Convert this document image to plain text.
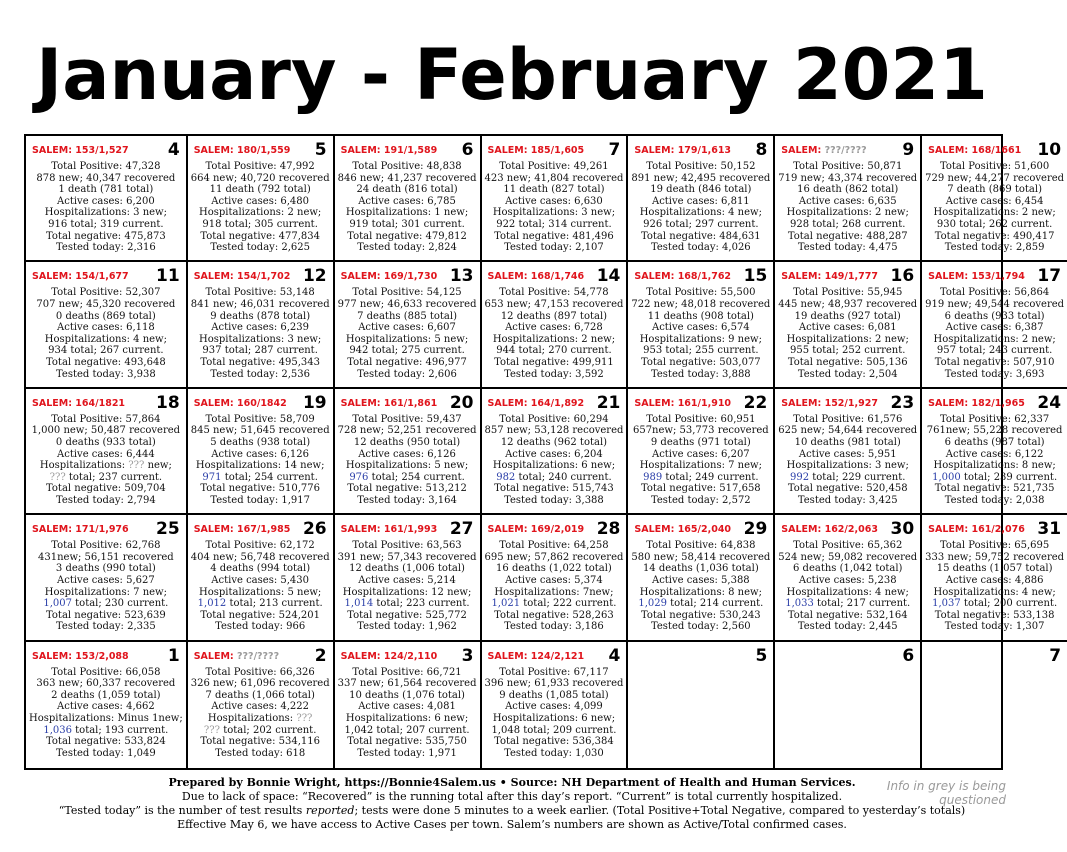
January - February 2021
SALEM: 153/1,527 4
Total Positive: 47,328
878 new; 40,347 recovered
1 death (781 total)
Active cases: 6,200
Hospitalizations: 3 new;
916 total; 319 current.
Total negative: 475,873
Tested today: 2,316
SALEM: 180/1,559 5
Total Positive: 47,992
664 new; 40,720 recovered
11 death (792 total)
Active cases: 6,480
Hospitalizations: 2 new;
918 total; 305 current.
Total negative: 477,834
Tested today: 2,625
SALEM: 191/1,589 6
Total Positive: 48,838
846 new; 41,237 recovered
24 death (816 total)
Active cases: 6,785
Hospitalizations: 1 new;
919 total; 301 current.
Total negative: 479,812
Tested today: 2,824
SALEM: 185/1,605 7
Total Positive: 49,261
423 new; 41,804 recovered
11 death (827 total)
Active cases: 6,630
Hospitalizations: 3 new;
922 total; 314 current.
Total negative: 481,496
Tested today: 2,107
SALEM: 179/1,613 8
Total Positive: 50,152
891 new; 42,495 recovered
19 death (846 total)
Active cases: 6,811
Hospitalizations: 4 new;
926 total; 297 current.
Total negative: 484,631
Tested today: 4,026
SALEM: ???/???? 9
Total Positive: 50,871
719 new; 43,374 recovered
16 death (862 total)
Active cases: 6,635
Hospitalizations: 2 new;
928 total; 268 current.
Total negative: 488,287
Tested today: 4,475
SALEM: 168/1661 10
Total Positive: 51,600
729 new; 44,277 recovered
7 death (869 total)
Active cases: 6,454
Hospitalizations: 2 new;
930 total; 262 current.
Total negative: 490,417
Tested today: 2,859
SALEM: 154/1,677 11
Total Positive: 52,307
707 new; 45,320 recovered
0 deaths (869 total)
Active cases: 6,118
Hospitalizations: 4 new;
934 total; 267 current.
Total negative: 493,648
Tested today: 3,938
SALEM: 154/1,702 12
Total Positive: 53,148
841 new; 46,031 recovered
9 deaths (878 total)
Active cases: 6,239
Hospitalizations: 3 new;
937 total; 287 current.
Total negative: 495,343
Tested today: 2,536
SALEM: 169/1,730 13
Total Positive: 54,125
977 new; 46,633 recovered
7 deaths (885 total)
Active cases: 6,607
Hospitalizations: 5 new;
942 total; 275 current.
Total negative: 496,977
Tested today: 2,606
SALEM: 168/1,746 14
Total Positive: 54,778
653 new; 47,153 recovered
12 deaths (897 total)
Active cases: 6,728
Hospitalizations: 2 new;
944 total; 270 current.
Total negative: 499,911
Tested today: 3,592
SALEM: 168/1,762 15
Total Positive: 55,500
722 new; 48,018 recovered
11 deaths (908 total)
Active cases: 6,574
Hospitalizations: 9 new;
953 total; 255 current.
Total negative: 503,077
Tested today: 3,888
SALEM: 149/1,777 16
Total Positive: 55,945
445 new; 48,937 recovered
19 deaths (927 total)
Active cases: 6,081
Hospitalizations: 2 new;
955 total; 252 current.
Total negative: 505,136
Tested today: 2,504
SALEM: 153/1,794 17
Total Positive: 56,864
919 new; 49,544 recovered
6 deaths (933 total)
Active cases: 6,387
Hospitalizations: 2 new;
957 total; 243 current.
Total negative: 507,910
Tested today: 3,693
SALEM: 164/1821 18
Total Positive: 57,864
1,000 new; 50,487 recovered
0 deaths (933 total)
Active cases: 6,444
Hospitalizations: ??? new;
??? total; 237 current.
Total negative: 509,704
Tested today: 2,794
SALEM: 160/1842 19
Total Positive: 58,709
845 new; 51,645 recovered
5 deaths (938 total)
Active cases: 6,126
Hospitalizations: 14 new;
971 total; 254 current.
Total negative: 510,776
Tested today: 1,917
SALEM: 161/1,861 20
Total Positive: 59,437
728 new; 52,251 recovered
12 deaths (950 total)
Active cases: 6,126
Hospitalizations: 5 new;
976 total; 254 current.
Total negative: 513,212
Tested today: 3,164
SALEM: 164/1,892 21
Total Positive: 60,294
857 new; 53,128 recovered
12 deaths (962 total)
Active cases: 6,204
Hospitalizations: 6 new;
982 total; 240 current.
Total negative: 515,743
Tested today: 3,388
SALEM: 161/1,910 22
Total Positive: 60,951
657new; 53,773 recovered
9 deaths (971 total)
Active cases: 6,207
Hospitalizations: 7 new;
989 total; 249 current.
Total negative: 517,658
Tested today: 2,572
SALEM: 152/1,927 23
Total Positive: 61,576
625 new; 54,644 recovered
10 deaths (981 total)
Active cases: 5,951
Hospitalizations: 3 new;
992 total; 229 current.
Total negative: 520,458
Tested today: 3,425
SALEM: 182/1,965 24
Total Positive: 62,337
761new; 55,228 recovered
6 deaths (987 total)
Active cases: 6,122
Hospitalizations: 8 new;
1,000 total; 239 current.
Total negative: 521,735
Tested today: 2,038
SALEM: 171/1,976 25
Total Positive: 62,768
431new; 56,151 recovered
3 deaths (990 total)
Active cases: 5,627
Hospitalizations: 7 new;
1,007 total; 230 current.
Total negative: 523,639
Tested today: 2,335
SALEM: 167/1,985 26
Total Positive: 62,172
404 new; 56,748 recovered
4 deaths (994 total)
Active cases: 5,430
Hospitalizations: 5 new;
1,012 total; 213 current.
Total negative: 524,201
Tested today: 966
SALEM: 161/1,993 27
Total Positive: 63,563
391 new; 57,343 recovered
12 deaths (1,006 total)
Active cases: 5,214
Hospitalizations: 12 new;
1,014 total; 223 current.
Total negative: 525,772
Tested today: 1,962
SALEM: 169/2,019 28
Total Positive: 64,258
695 new; 57,862 recovered
16 deaths (1,022 total)
Active cases: 5,374
Hospitalizations: 7new;
1,021 total; 222 current.
Total negative: 528,263
Tested today: 3,186
SALEM: 165/2,040 29
Total Positive: 64,838
580 new; 58,414 recovered
14 deaths (1,036 total)
Active cases: 5,388
Hospitalizations: 8 new;
1,029 total; 214 current.
Total negative: 530,243
Tested today: 2,560
SALEM: 162/2,063 30
Total Positive: 65,362
524 new; 59,082 recovered
6 deaths (1,042 total)
Active cases: 5,238
Hospitalizations: 4 new;
1,033 total; 217 current.
Total negative: 532,164
Tested today: 2,445
SALEM: 161/2,076 31
Total Positive: 65,695
333 new; 59,752 recovered
15 deaths (1,057 total)
Active cases: 4,886
Hospitalizations: 4 new;
1,037 total; 200 current.
Total negative: 533,138
Tested today: 1,307
SALEM: 153/2,088 1
Total Positive: 66,058
363 new; 60,337 recovered
2 deaths (1,059 total)
Active cases: 4,662
Hospitalizations: Minus 1new;
1,036 total; 193 current.
Total negative: 533,824
Tested today: 1,049
SALEM: ???/???? 2
Total Positive: 66,326
326 new; 61,096 recovered
7 deaths (1,066 total)
Active cases: 4,222
Hospitalizations: ???
??? total; 202 current.
Total negative: 534,116
Tested today: 618
SALEM: 124/2,110 3
Total Positive: 66,721
337 new; 61,564 recovered
10 deaths (1,076 total)
Active cases: 4,081
Hospitalizations: 6 new;
1,042 total; 207 current.
Total negative: 535,750
Tested today: 1,971
SALEM: 124/2,121 4
Total Positive: 67,117
396 new; 61,933 recovered
9 deaths (1,085 total)
Active cases: 4,099
Hospitalizations: 6 new;
1,048 total; 209 current.
Total negative: 536,384
Tested today: 1,030
5	6	7
Prepared by Bonnie Wright, https://Bonnie4Salem.us • Source: NH Department of Health and Human Services.
Due to lack of space: “Recovered” is the running total after this day’s report. “Current” is total currently hospitalized.
“Tested today” is the number of test results reported; tests were done 5 minutes to a week earlier. (Total Positive+Total Negative, compared to yesterday’s totals)
Effective May 6, we have access to Active Cases per town. Salem’s numbers are shown as Active/Total confirmed cases.
Info in grey is being questioned
